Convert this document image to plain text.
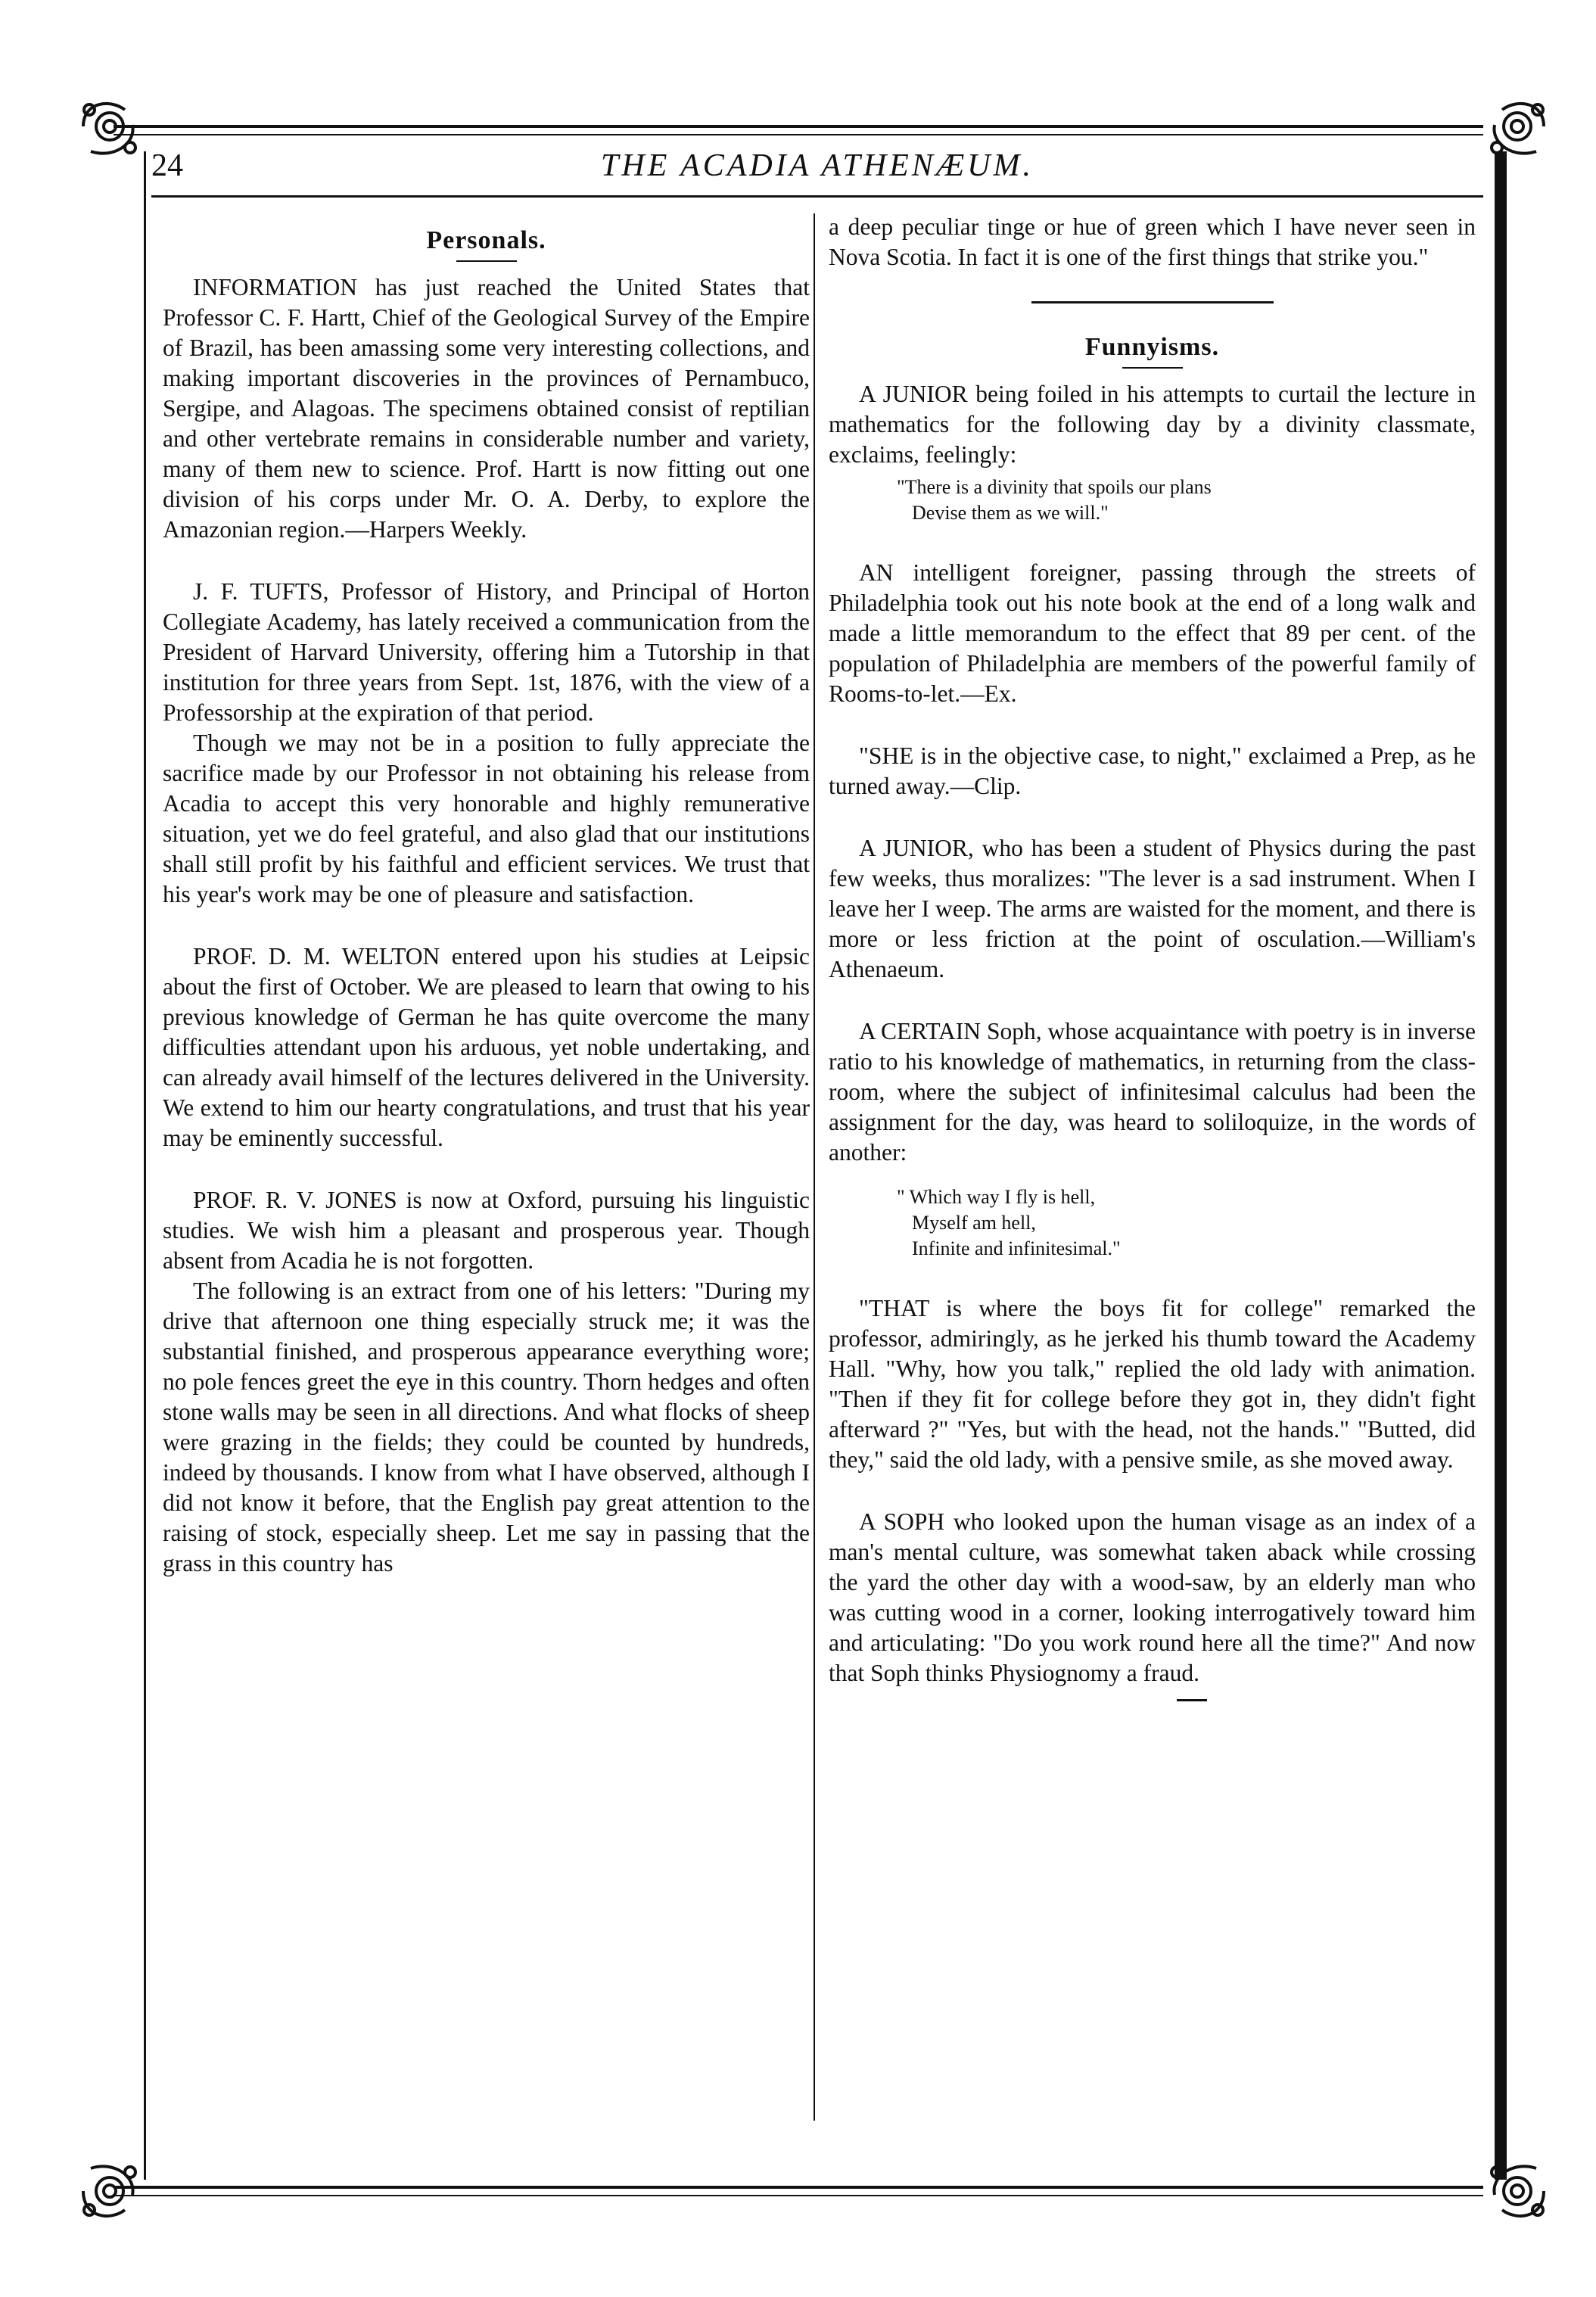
24	THE ACADIA ATHENÆUM.
Personals.

INFORMATION has just reached the United States that Professor C. F. Hartt, Chief of the Geological Survey of the Empire of Brazil, has been amassing some very interesting collections, and making important discoveries in the provinces of Pernambuco, Sergipe, and Alagoas. The specimens obtained consist of reptilian and other vertebrate remains in considerable number and variety, many of them new to science. Prof. Hartt is now fitting out one division of his corps under Mr. O. A. Derby, to explore the Amazonian region.—Harpers Weekly.

J. F. TUFTS, Professor of History, and Principal of Horton Collegiate Academy, has lately received a communication from the President of Harvard University, offering him a Tutorship in that institution for three years from Sept. 1st, 1876, with the view of a Professorship at the expiration of that period.

Though we may not be in a position to fully appreciate the sacrifice made by our Professor in not obtaining his release from Acadia to accept this very honorable and highly remunerative situation, yet we do feel grateful, and also glad that our institutions shall still profit by his faithful and efficient services. We trust that his year's work may be one of pleasure and satisfaction.

PROF. D. M. WELTON entered upon his studies at Leipsic about the first of October. We are pleased to learn that owing to his previous knowledge of German he has quite overcome the many difficulties attendant upon his arduous, yet noble undertaking, and can already avail himself of the lectures delivered in the University. We extend to him our hearty congratulations, and trust that his year may be eminently successful.

PROF. R. V. JONES is now at Oxford, pursuing his linguistic studies. We wish him a pleasant and prosperous year. Though absent from Acadia he is not forgotten.

The following is an extract from one of his letters: "During my drive that afternoon one thing especially struck me; it was the substantial finished, and prosperous appearance everything wore; no pole fences greet the eye in this country. Thorn hedges and often stone walls may be seen in all directions. And what flocks of sheep were grazing in the fields; they could be counted by hundreds, indeed by thousands. I know from what I have observed, although I did not know it before, that the English pay great attention to the raising of stock, especially sheep. Let me say in passing that the grass in this country has

a deep peculiar tinge or hue of green which I have never seen in Nova Scotia. In fact it is one of the first things that strike you."

Funnyisms.

A JUNIOR being foiled in his attempts to curtail the lecture in mathematics for the following day by a divinity classmate, exclaims, feelingly:

"There is a divinity that spoils our plans
Devise them as we will."

AN intelligent foreigner, passing through the streets of Philadelphia took out his note book at the end of a long walk and made a little memorandum to the effect that 89 per cent. of the population of Philadelphia are members of the powerful family of Rooms-to-let.—Ex.

"SHE is in the objective case, to night," exclaimed a Prep, as he turned away.—Clip.

A JUNIOR, who has been a student of Physics during the past few weeks, thus moralizes: "The lever is a sad instrument. When I leave her I weep. The arms are waisted for the moment, and there is more or less friction at the point of osculation.—William's Athenaeum.

A CERTAIN Soph, whose acquaintance with poetry is in inverse ratio to his knowledge of mathematics, in returning from the class-room, where the subject of infinitesimal calculus had been the assignment for the day, was heard to soliloquize, in the words of another:

" Which way I fly is hell,
Myself am hell,
Infinite and infinitesimal."

"THAT is where the boys fit for college" remarked the professor, admiringly, as he jerked his thumb toward the Academy Hall. "Why, how you talk," replied the old lady with animation. "Then if they fit for college before they got in, they didn't fight afterward ?" "Yes, but with the head, not the hands." "Butted, did they," said the old lady, with a pensive smile, as she moved away.

A SOPH who looked upon the human visage as an index of a man's mental culture, was somewhat taken aback while crossing the yard the other day with a wood-saw, by an elderly man who was cutting wood in a corner, looking interrogatively toward him and articulating: "Do you work round here all the time?" And now that Soph thinks Physiognomy a fraud.
